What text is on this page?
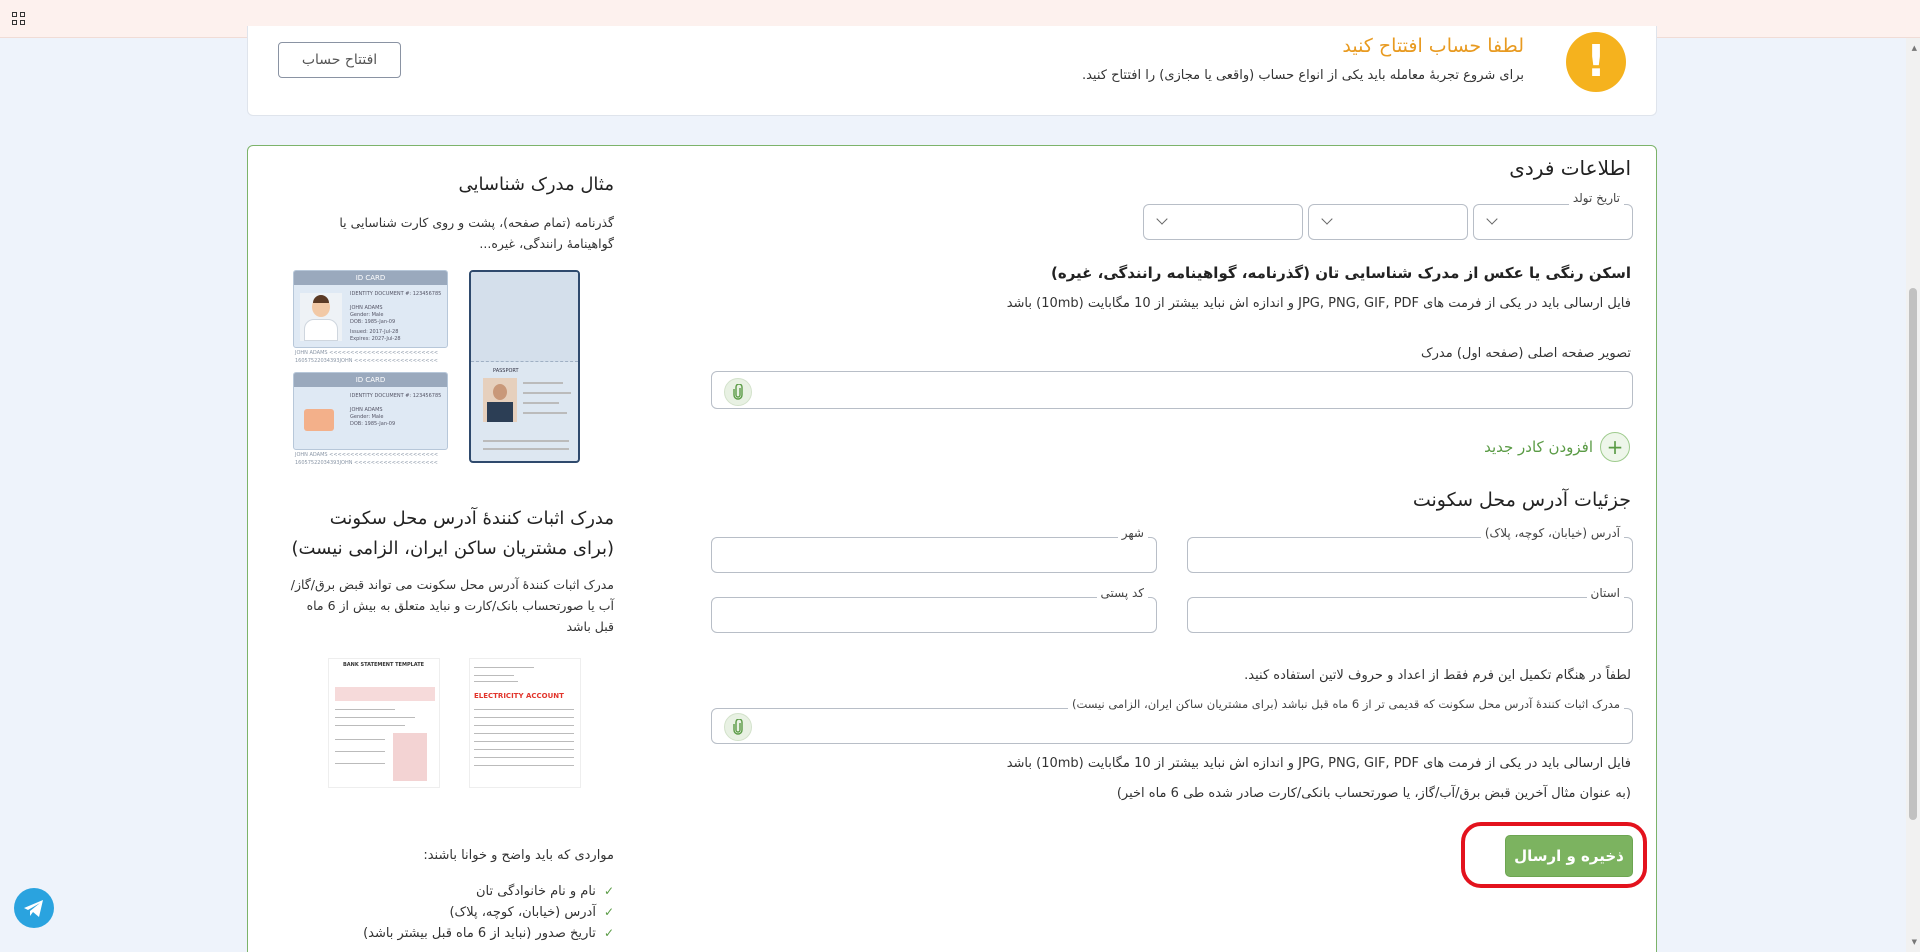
!
لطفا حساب افتتاح کنید
برای شروع تجربهٔ معامله باید یکی از انواع حساب (واقعی یا مجازی) را افتتاح کنید.
افتتاح حساب
اطلاعات فردی
تاریخ تولد
اسکن رنگی یا عکس از مدرک شناسایی تان (گذرنامه، گواهینامه رانندگی، غیره)
فایل ارسالی باید در یکی از فرمت های JPG, PNG, GIF, PDF و اندازه اش نباید بیشتر از 10 مگابایت (10mb) باشد
تصویر صفحه اصلی (صفحه اول) مدرک
+
افزودن کادر جدید
جزئیات آدرس محل سکونت
آدرس (خیابان، کوچه، پلاک)
شهر
استان
کد پستی
لطفاً در هنگام تکمیل این فرم فقط از اعداد و حروف لاتین استفاده کنید.
مدرک اثبات کنندهٔ آدرس محل سکونت که قدیمی تر از 6 ماه قبل نباشد (برای مشتریان ساکن ایران، الزامی نیست)
فایل ارسالی باید در یکی از فرمت های JPG, PNG, GIF, PDF و اندازه اش نباید بیشتر از 10 مگابایت (10mb) باشد
(به عنوان مثال آخرین قبض برق/آب/گاز، یا صورتحساب بانکی/کارت صادر شده طی 6 ماه اخیر)
ذخیره و ارسال
مثال مدرک شناسایی
گذرنامه (تمام صفحه)، پشت و روی کارت شناسایی یا گواهینامهٔ رانندگی، غیره...
PASSPORT
ID CARD
IDENTITY DOCUMENT #: 123456785
JOHN ADAMS
Gender: Male
DOB: 1985-Jan-09
Issued: 2017-Jul-28
Expires: 2027-Jul-28
JOHN ADAMS <<<<<<<<<<<<<<<<<<<<<<<<<<
16057522034393JOHN <<<<<<<<<<<<<<<<<<<<
ID CARD
IDENTITY DOCUMENT #: 123456785
JOHN ADAMS
Gender: Male
DOB: 1985-Jan-09
JOHN ADAMS <<<<<<<<<<<<<<<<<<<<<<<<<<
16057522034393JOHN <<<<<<<<<<<<<<<<<<<<
مدرک اثبات کنندهٔ آدرس محل سکونت (برای مشتریان ساکن ایران، الزامی نیست)
مدرک اثبات کنندهٔ آدرس محل سکونت می تواند قبض برق/گاز/آب یا صورتحساب بانک/کارت و نباید متعلق به بیش از 6 ماه قبل باشد
BANK STATEMENT TEMPLATE
ELECTRICITY ACCOUNT
مواردی که باید واضح و خوانا باشند:
✓نام و نام خانوادگی تان
✓آدرس (خیابان، کوچه، پلاک)
✓تاریخ صدور (نباید از 6 ماه قبل بیشتر باشد)
▲
▼
